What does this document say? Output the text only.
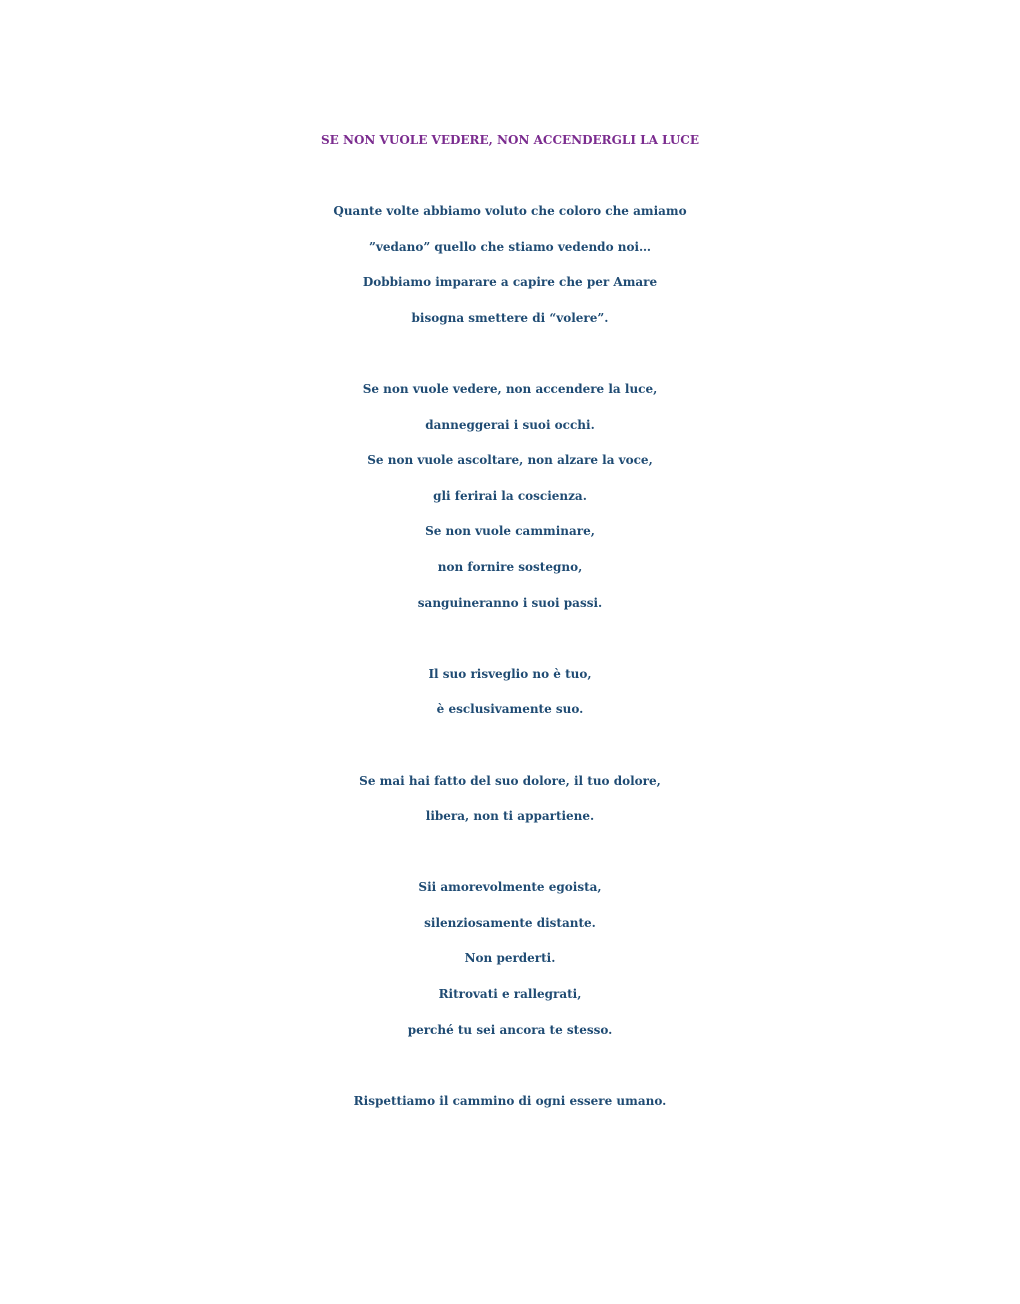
SE NON VUOLE VEDERE, NON ACCENDERGLI LA LUCE

Quante volte abbiamo voluto che coloro che amiamo
”vedano” quello che stiamo vedendo noi…
Dobbiamo imparare a capire che per Amare
bisogna smettere di “volere”.

Se non vuole vedere, non accendere la luce,
danneggerai i suoi occhi.
Se non vuole ascoltare, non alzare la voce,
gli ferirai la coscienza.
Se non vuole camminare,
non fornire sostegno,
sanguineranno i suoi passi.

Il suo risveglio no è tuo,
è esclusivamente suo.

Se mai hai fatto del suo dolore, il tuo dolore,
libera, non ti appartiene.

Sii amorevolmente egoista,
silenziosamente distante.
Non perderti.
Ritrovati e rallegrati,
perché tu sei ancora te stesso.

Rispettiamo il cammino di ogni essere umano.
